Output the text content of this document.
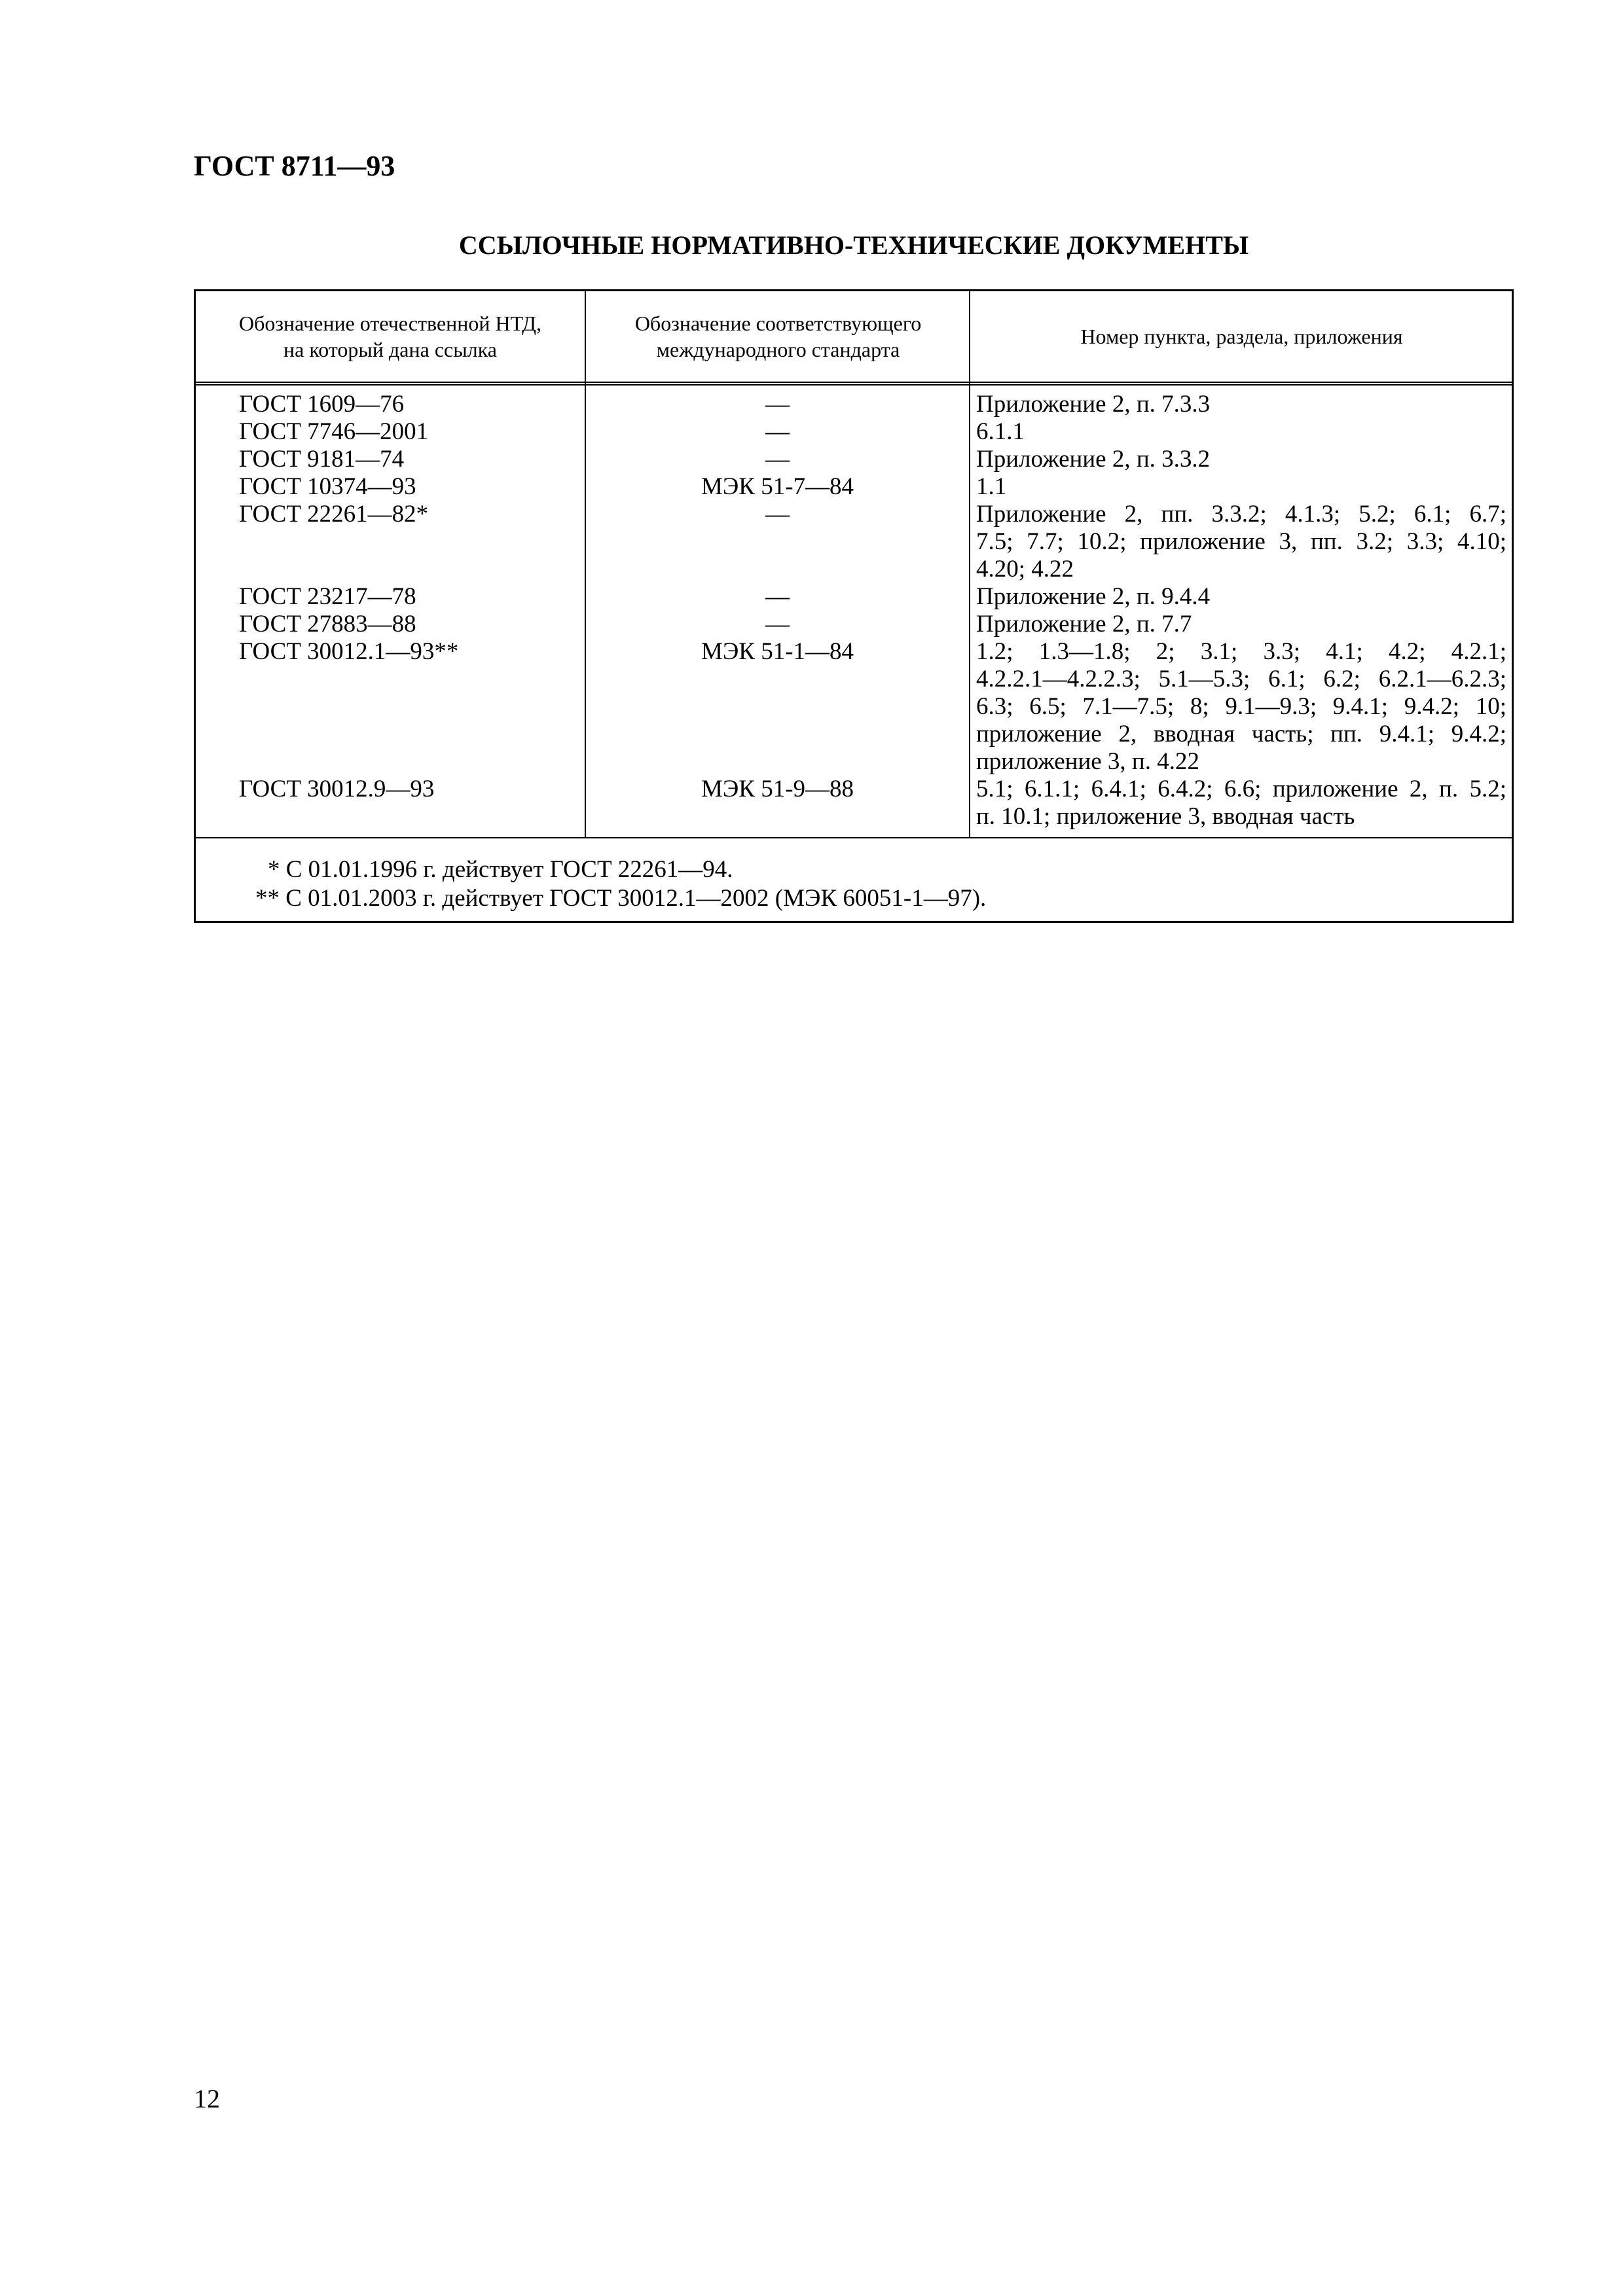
ГОСТ 8711—93
ССЫЛОЧНЫЕ НОРМАТИВНО-ТЕХНИЧЕСКИЕ ДОКУМЕНТЫ
Обозначение отечественной НТД,
на который дана ссылка
Обозначение соответствующего
международного стандарта
Номер пункта, раздела, приложения
ГОСТ 1609—76
ГОСТ 7746—2001
ГОСТ 9181—74
ГОСТ 10374—93
ГОСТ 22261—82*
ГОСТ 23217—78
ГОСТ 27883—88
ГОСТ 30012.1—93**
ГОСТ 30012.9—93
—
—
—
МЭК 51-7—84
—
—
—
МЭК 51-1—84
МЭК 51-9—88
Приложение 2, п. 7.3.3
6.1.1
Приложение 2, п. 3.3.2
1.1
Приложение 2, пп. 3.3.2; 4.1.3; 5.2; 6.1; 6.7;
7.5; 7.7; 10.2; приложение 3, пп. 3.2; 3.3; 4.10;
4.20; 4.22
Приложение 2, п. 9.4.4
Приложение 2, п. 7.7
1.2; 1.3—1.8; 2; 3.1; 3.3; 4.1; 4.2; 4.2.1;
4.2.2.1—4.2.2.3; 5.1—5.3; 6.1; 6.2; 6.2.1—6.2.3;
6.3; 6.5; 7.1—7.5; 8; 9.1—9.3; 9.4.1; 9.4.2; 10;
приложение 2, вводная часть; пп. 9.4.1; 9.4.2;
приложение 3, п. 4.22
5.1; 6.1.1; 6.4.1; 6.4.2; 6.6; приложение 2, п. 5.2;
п. 10.1; приложение 3, вводная часть
* С 01.01.1996 г. действует ГОСТ 22261—94.
** С 01.01.2003 г. действует ГОСТ 30012.1—2002 (МЭК 60051-1—97).
12
